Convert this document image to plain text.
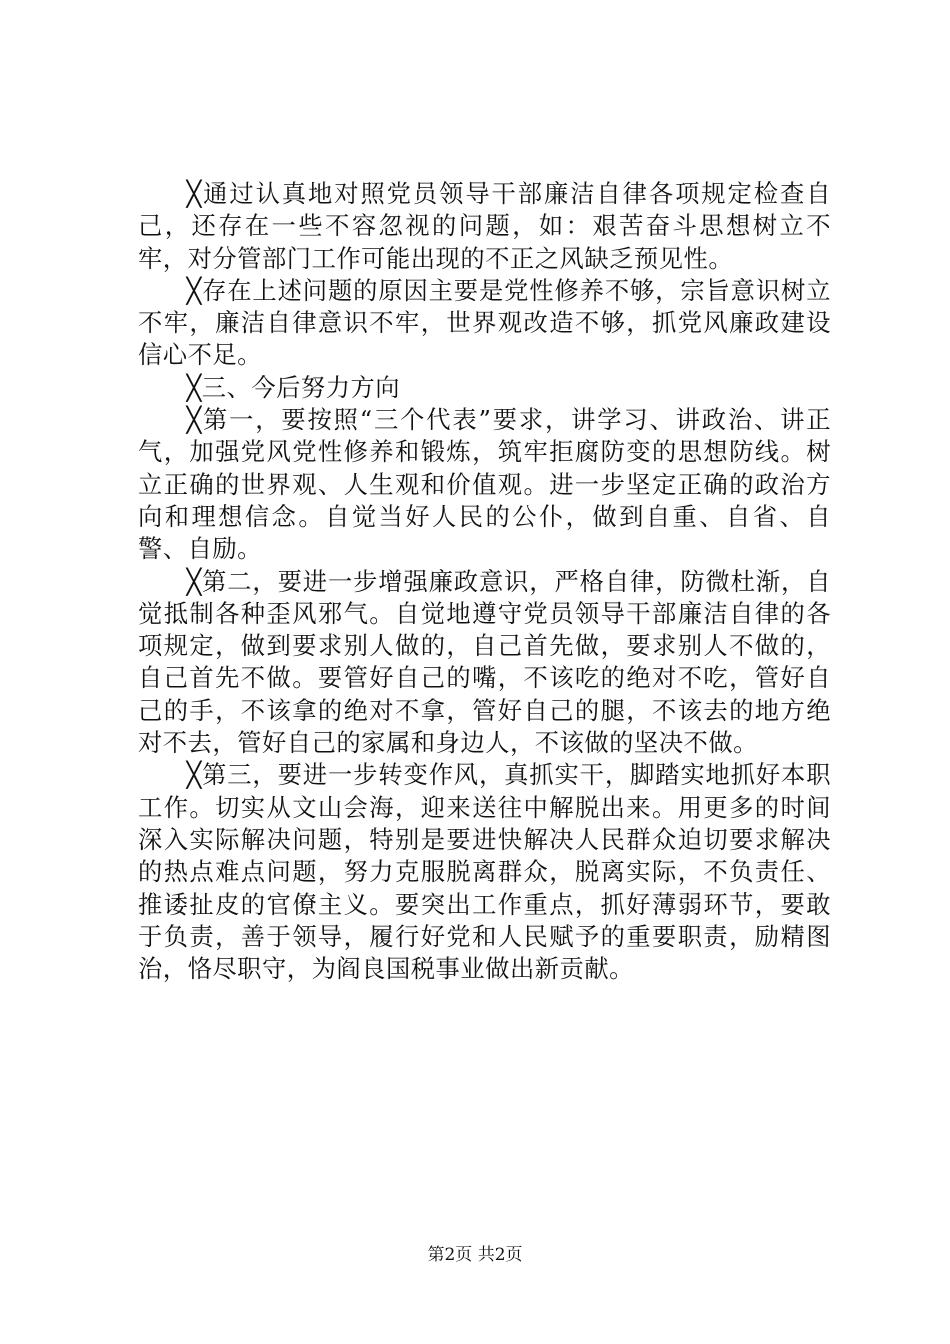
╳通过认真地对照党员领导干部廉洁自律各项规定检查自己，还存在一些不容忽视的问题，如：艰苦奋斗思想树立不牢，对分管部门工作可能出现的不正之风缺乏预见性。

╳存在上述问题的原因主要是党性修养不够，宗旨意识树立不牢，廉洁自律意识不牢，世界观改造不够，抓党风廉政建设信心不足。

╳三、今后努力方向

╳第一，要按照“三个代表”要求，讲学习、讲政治、讲正气，加强党风党性修养和锻炼，筑牢拒腐防变的思想防线。树立正确的世界观、人生观和价值观。进一步坚定正确的政治方向和理想信念。自觉当好人民的公仆，做到自重、自省、自警、自励。

╳第二，要进一步增强廉政意识，严格自律，防微杜渐，自觉抵制各种歪风邪气。自觉地遵守党员领导干部廉洁自律的各项规定，做到要求别人做的，自己首先做，要求别人不做的，自己首先不做。要管好自己的嘴，不该吃的绝对不吃，管好自己的手，不该拿的绝对不拿，管好自己的腿，不该去的地方绝对不去，管好自己的家属和身边人，不该做的坚决不做。

╳第三，要进一步转变作风，真抓实干，脚踏实地抓好本职工作。切实从文山会海，迎来送往中解脱出来。用更多的时间深入实际解决问题，特别是要进快解决人民群众迫切要求解决的热点难点问题，努力克服脱离群众，脱离实际，不负责任、推诿扯皮的官僚主义。要突出工作重点，抓好薄弱环节，要敢于负责，善于领导，履行好党和人民赋予的重要职责，励精图治，恪尽职守，为阎良国税事业做出新贡献。

第2页 共2页
